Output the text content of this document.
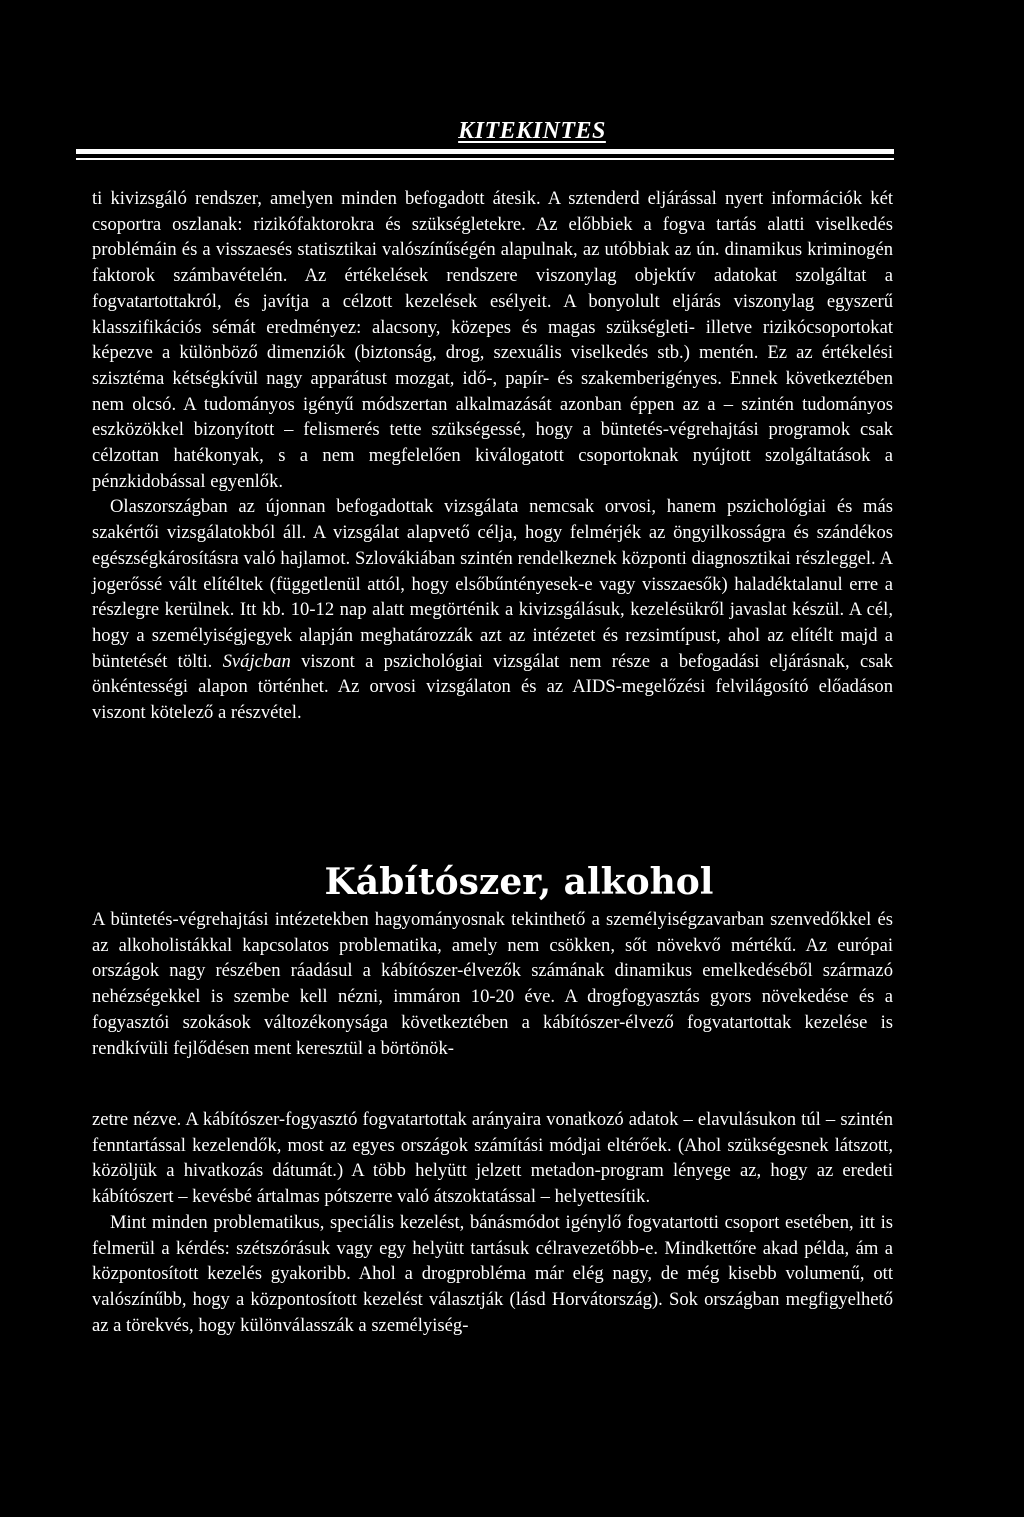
KITEKINTES

ti kivizsgáló rendszer, amelyen minden befogadott átesik. A sztenderd eljárással nyert információk két csoportra oszlanak: rizikófaktorokra és szükségletekre. Az előbbiek a fogva tartás alatti viselkedés problémáin és a visszaesés statisztikai valószínűségén alapulnak, az utóbbiak az ún. dinamikus kriminogén faktorok számbavételén. Az értékelések rendszere viszonylag objektív adatokat szolgáltat a fogvatartottakról, és javítja a célzott kezelések esélyeit. A bonyolult eljárás viszonylag egyszerű klasszifikációs sémát eredményez: alacsony, közepes és magas szükségleti- illetve rizikócsoportokat képezve a különböző dimenziók (biztonság, drog, szexuális viselkedés stb.) mentén. Ez az értékelési szisztéma kétségkívül nagy apparátust mozgat, idő-, papír- és szakemberigényes. Ennek következtében nem olcsó. A tudományos igényű módszertan alkalmazását azonban éppen az a – szintén tudományos eszközökkel bizonyított – felismerés tette szükségessé, hogy a büntetés-végrehajtási programok csak célzottan hatékonyak, s a nem megfelelően kiválogatott csoportoknak nyújtott szolgáltatások a pénzkidobással egyenlők.

Olaszországban az újonnan befogadottak vizsgálata nemcsak orvosi, hanem pszichológiai és más szakértői vizsgálatokból áll. A vizsgálat alapvető célja, hogy felmérjék az öngyilkosságra és szándékos egészségkárosításra való hajlamot. Szlovákiában szintén rendelkeznek központi diagnosztikai részleggel. A jogerőssé vált elítéltek (függetlenül attól, hogy elsőbűntényesek-e vagy visszaesők) haladéktalanul erre a részlegre kerülnek. Itt kb. 10-12 nap alatt megtörténik a kivizsgálásuk, kezelésükről javaslat készül. A cél, hogy a személyiségjegyek alapján meghatározzák azt az intézetet és rezsimtípust, ahol az elítélt majd a büntetését tölti. Svájcban viszont a pszichológiai vizsgálat nem része a befogadási eljárásnak, csak önkéntességi alapon történhet. Az orvosi vizsgálaton és az AIDS-megelőzési felvilágosító előadáson viszont kötelező a részvétel.

Kábítószer, alkohol

A büntetés-végrehajtási intézetekben hagyományosnak tekinthető a személyiségzavarban szenvedőkkel és az alkoholistákkal kapcsolatos problematika, amely nem csökken, sőt növekvő mértékű. Az európai országok nagy részében ráadásul a kábítószer-élvezők számának dinamikus emelkedéséből származó nehézségekkel is szembe kell nézni, immáron 10-20 éve. A drogfogyasztás gyors növekedése és a fogyasztói szokások változékonysága következtében a kábítószer-élvező fogvatartottak kezelése is rendkívüli fejlődésen ment keresztül a börtönök-

zetre nézve. A kábítószer-fogyasztó fogvatartottak arányaira vonatkozó adatok – elavulásukon túl – szintén fenntartással kezelendők, most az egyes országok számítási módjai eltérőek. (Ahol szükségesnek látszott, közöljük a hivatkozás dátumát.) A több helyütt jelzett metadon-program lényege az, hogy az eredeti kábítószert – kevésbé ártalmas pótszerre való átszoktatással – helyettesítik.

Mint minden problematikus, speciális kezelést, bánásmódot igénylő fogvatartotti csoport esetében, itt is felmerül a kérdés: szétszórásuk vagy egy helyütt tartásuk célravezetőbb-e. Mindkettőre akad példa, ám a központosított kezelés gyakoribb. Ahol a drogprobléma már elég nagy, de még kisebb volumenű, ott valószínűbb, hogy a központosított kezelést választják (lásd Horvátország). Sok országban megfigyelhető az a törekvés, hogy különválasszák a személyiség-
